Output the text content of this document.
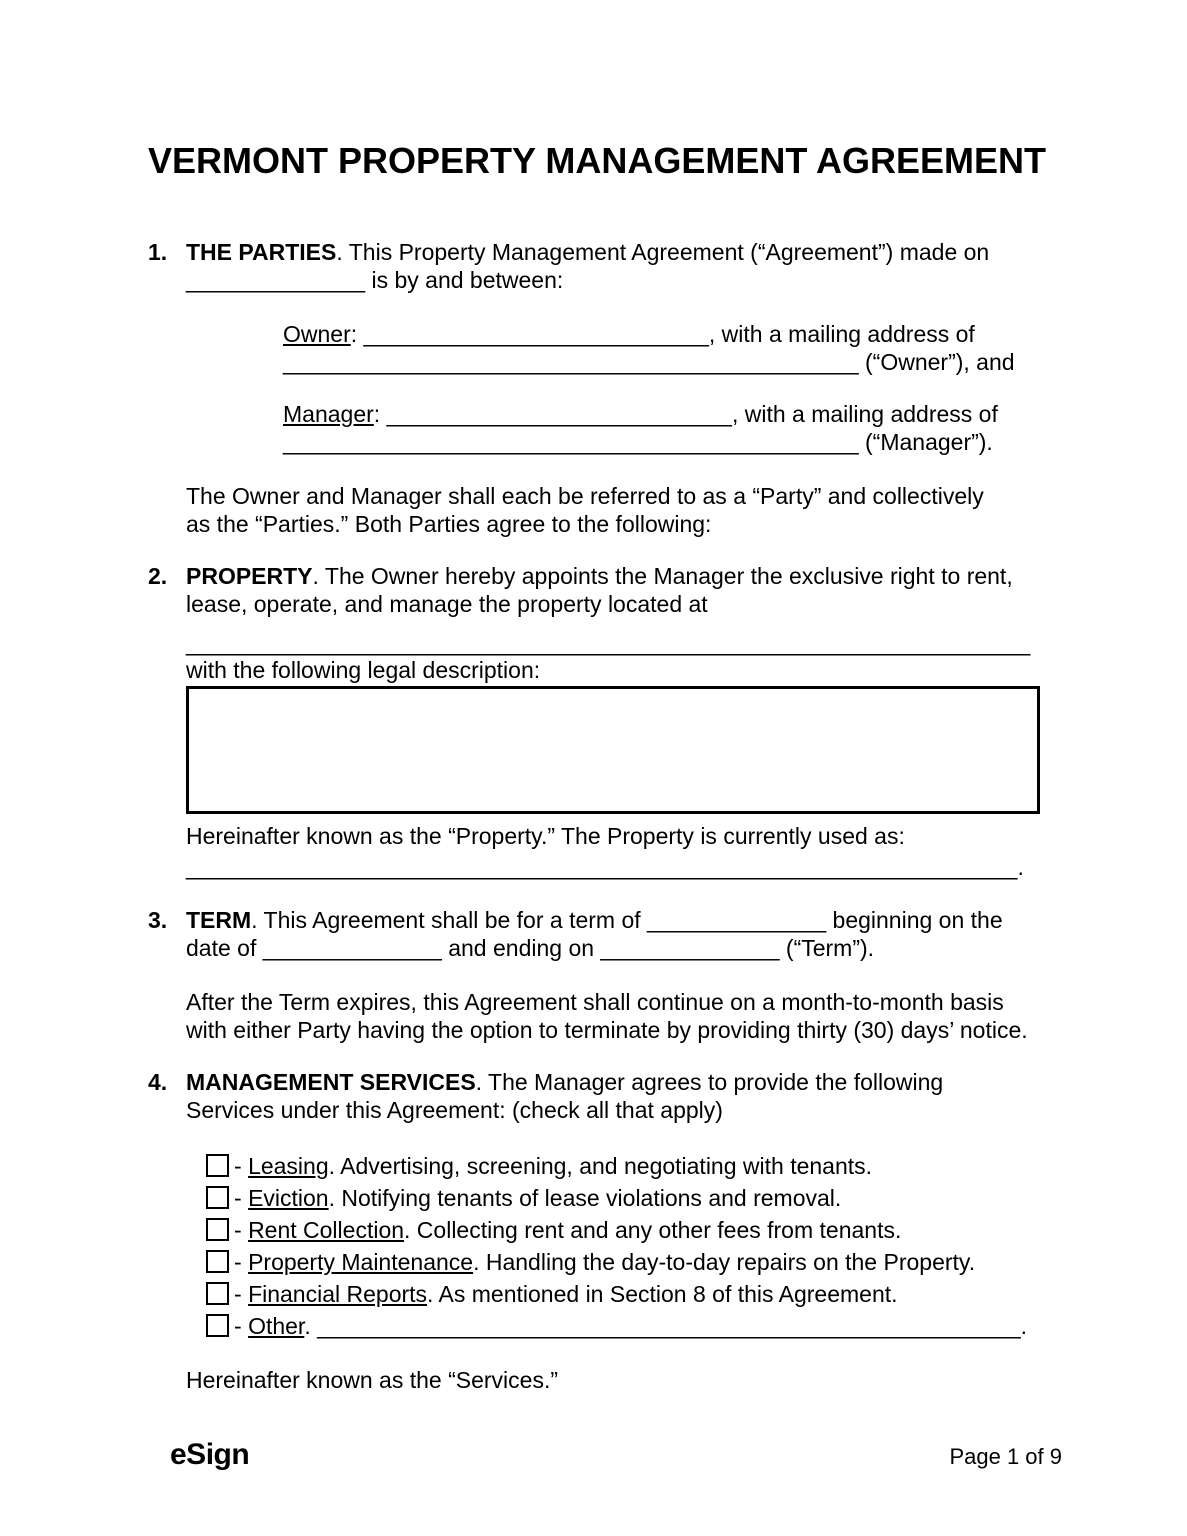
VERMONT PROPERTY MANAGEMENT AGREEMENT
1. THE PARTIES. This Property Management Agreement (“Agreement”) made on
______________ is by and between:
Owner: ___________________________, with a mailing address of
_____________________________________________ (“Owner”), and
Manager: ___________________________, with a mailing address of
_____________________________________________ (“Manager”).
The Owner and Manager shall each be referred to as a “Party” and collectively
as the “Parties.” Both Parties agree to the following:
2. PROPERTY. The Owner hereby appoints the Manager the exclusive right to rent,
lease, operate, and manage the property located at
__________________________________________________________________
with the following legal description:
Hereinafter known as the “Property.” The Property is currently used as:
_________________________________________________________________.
3. TERM. This Agreement shall be for a term of ______________ beginning on the
date of ______________ and ending on ______________ (“Term”).
After the Term expires, this Agreement shall continue on a month-to-month basis
with either Party having the option to terminate by providing thirty (30) days’ notice.
4. MANAGEMENT SERVICES. The Manager agrees to provide the following
Services under this Agreement: (check all that apply)
- Leasing. Advertising, screening, and negotiating with tenants.
- Eviction. Notifying tenants of lease violations and removal.
- Rent Collection. Collecting rent and any other fees from tenants.
- Property Maintenance. Handling the day-to-day repairs on the Property.
- Financial Reports. As mentioned in Section 8 of this Agreement.
- Other. _______________________________________________________.
Hereinafter known as the “Services.”
eSign	Page 1 of 9
